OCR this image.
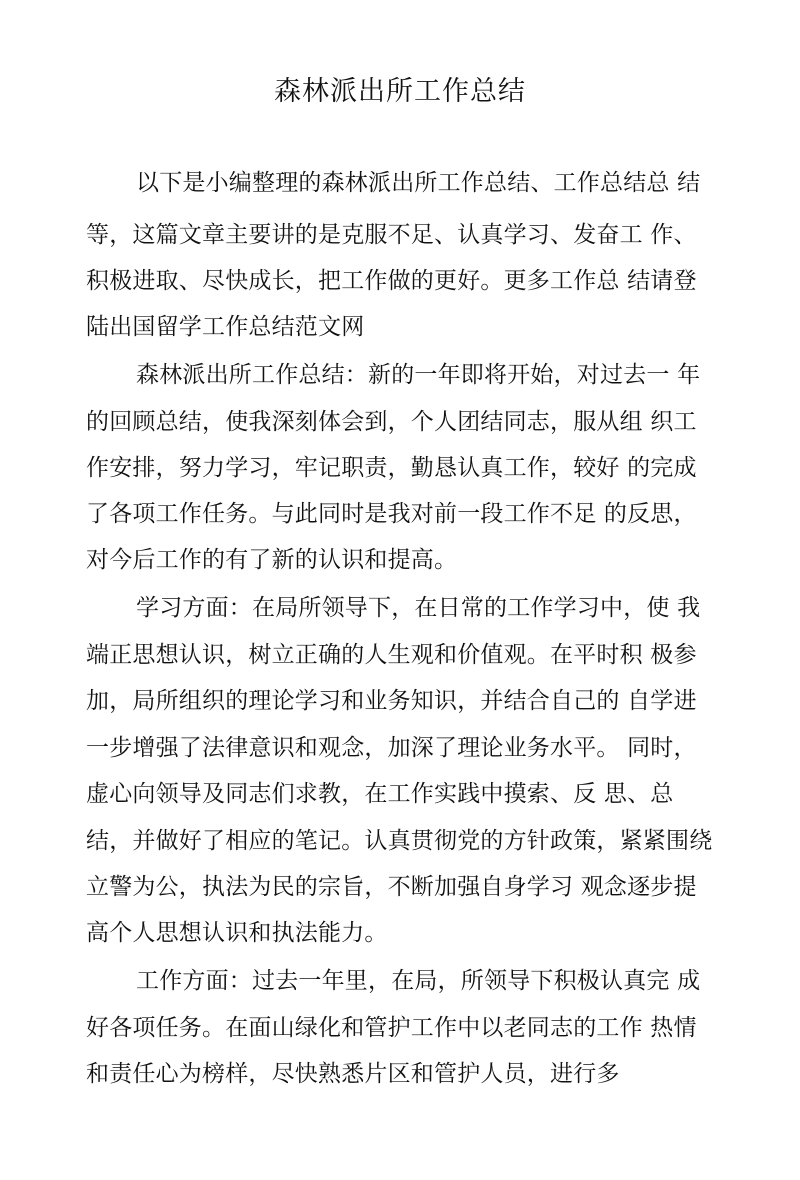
森林派出所工作总结
以下是小编整理的森林派出所工作总结、工作总结总 结
等，这篇文章主要讲的是克服不足、认真学习、发奋工 作、
积极进取、尽快成长，把工作做的更好。更多工作总 结请登
陆出国留学工作总结范文网
森林派出所工作总结：新的一年即将开始，对过去一 年
的回顾总结，使我深刻体会到，个人团结同志，服从组 织工
作安排，努力学习，牢记职责，勤恳认真工作，较好 的完成
了各项工作任务。与此同时是我对前一段工作不足 的反思，
对今后工作的有了新的认识和提高。
学习方面：在局所领导下，在日常的工作学习中，使 我
端正思想认识，树立正确的人生观和价值观。在平时积 极参
加，局所组织的理论学习和业务知识，并结合自己的 自学进
一步增强了法律意识和观念，加深了理论业务水平。 同时，
虚心向领导及同志们求教，在工作实践中摸索、反 思、总
结，并做好了相应的笔记。认真贯彻党的方针政策，紧紧围绕
立警为公，执法为民的宗旨，不断加强自身学习 观念逐步提
高个人思想认识和执法能力。
工作方面：过去一年里，在局，所领导下积极认真完 成
好各项任务。在面山绿化和管护工作中以老同志的工作 热情
和责任心为榜样，尽快熟悉片区和管护人员，进行多
